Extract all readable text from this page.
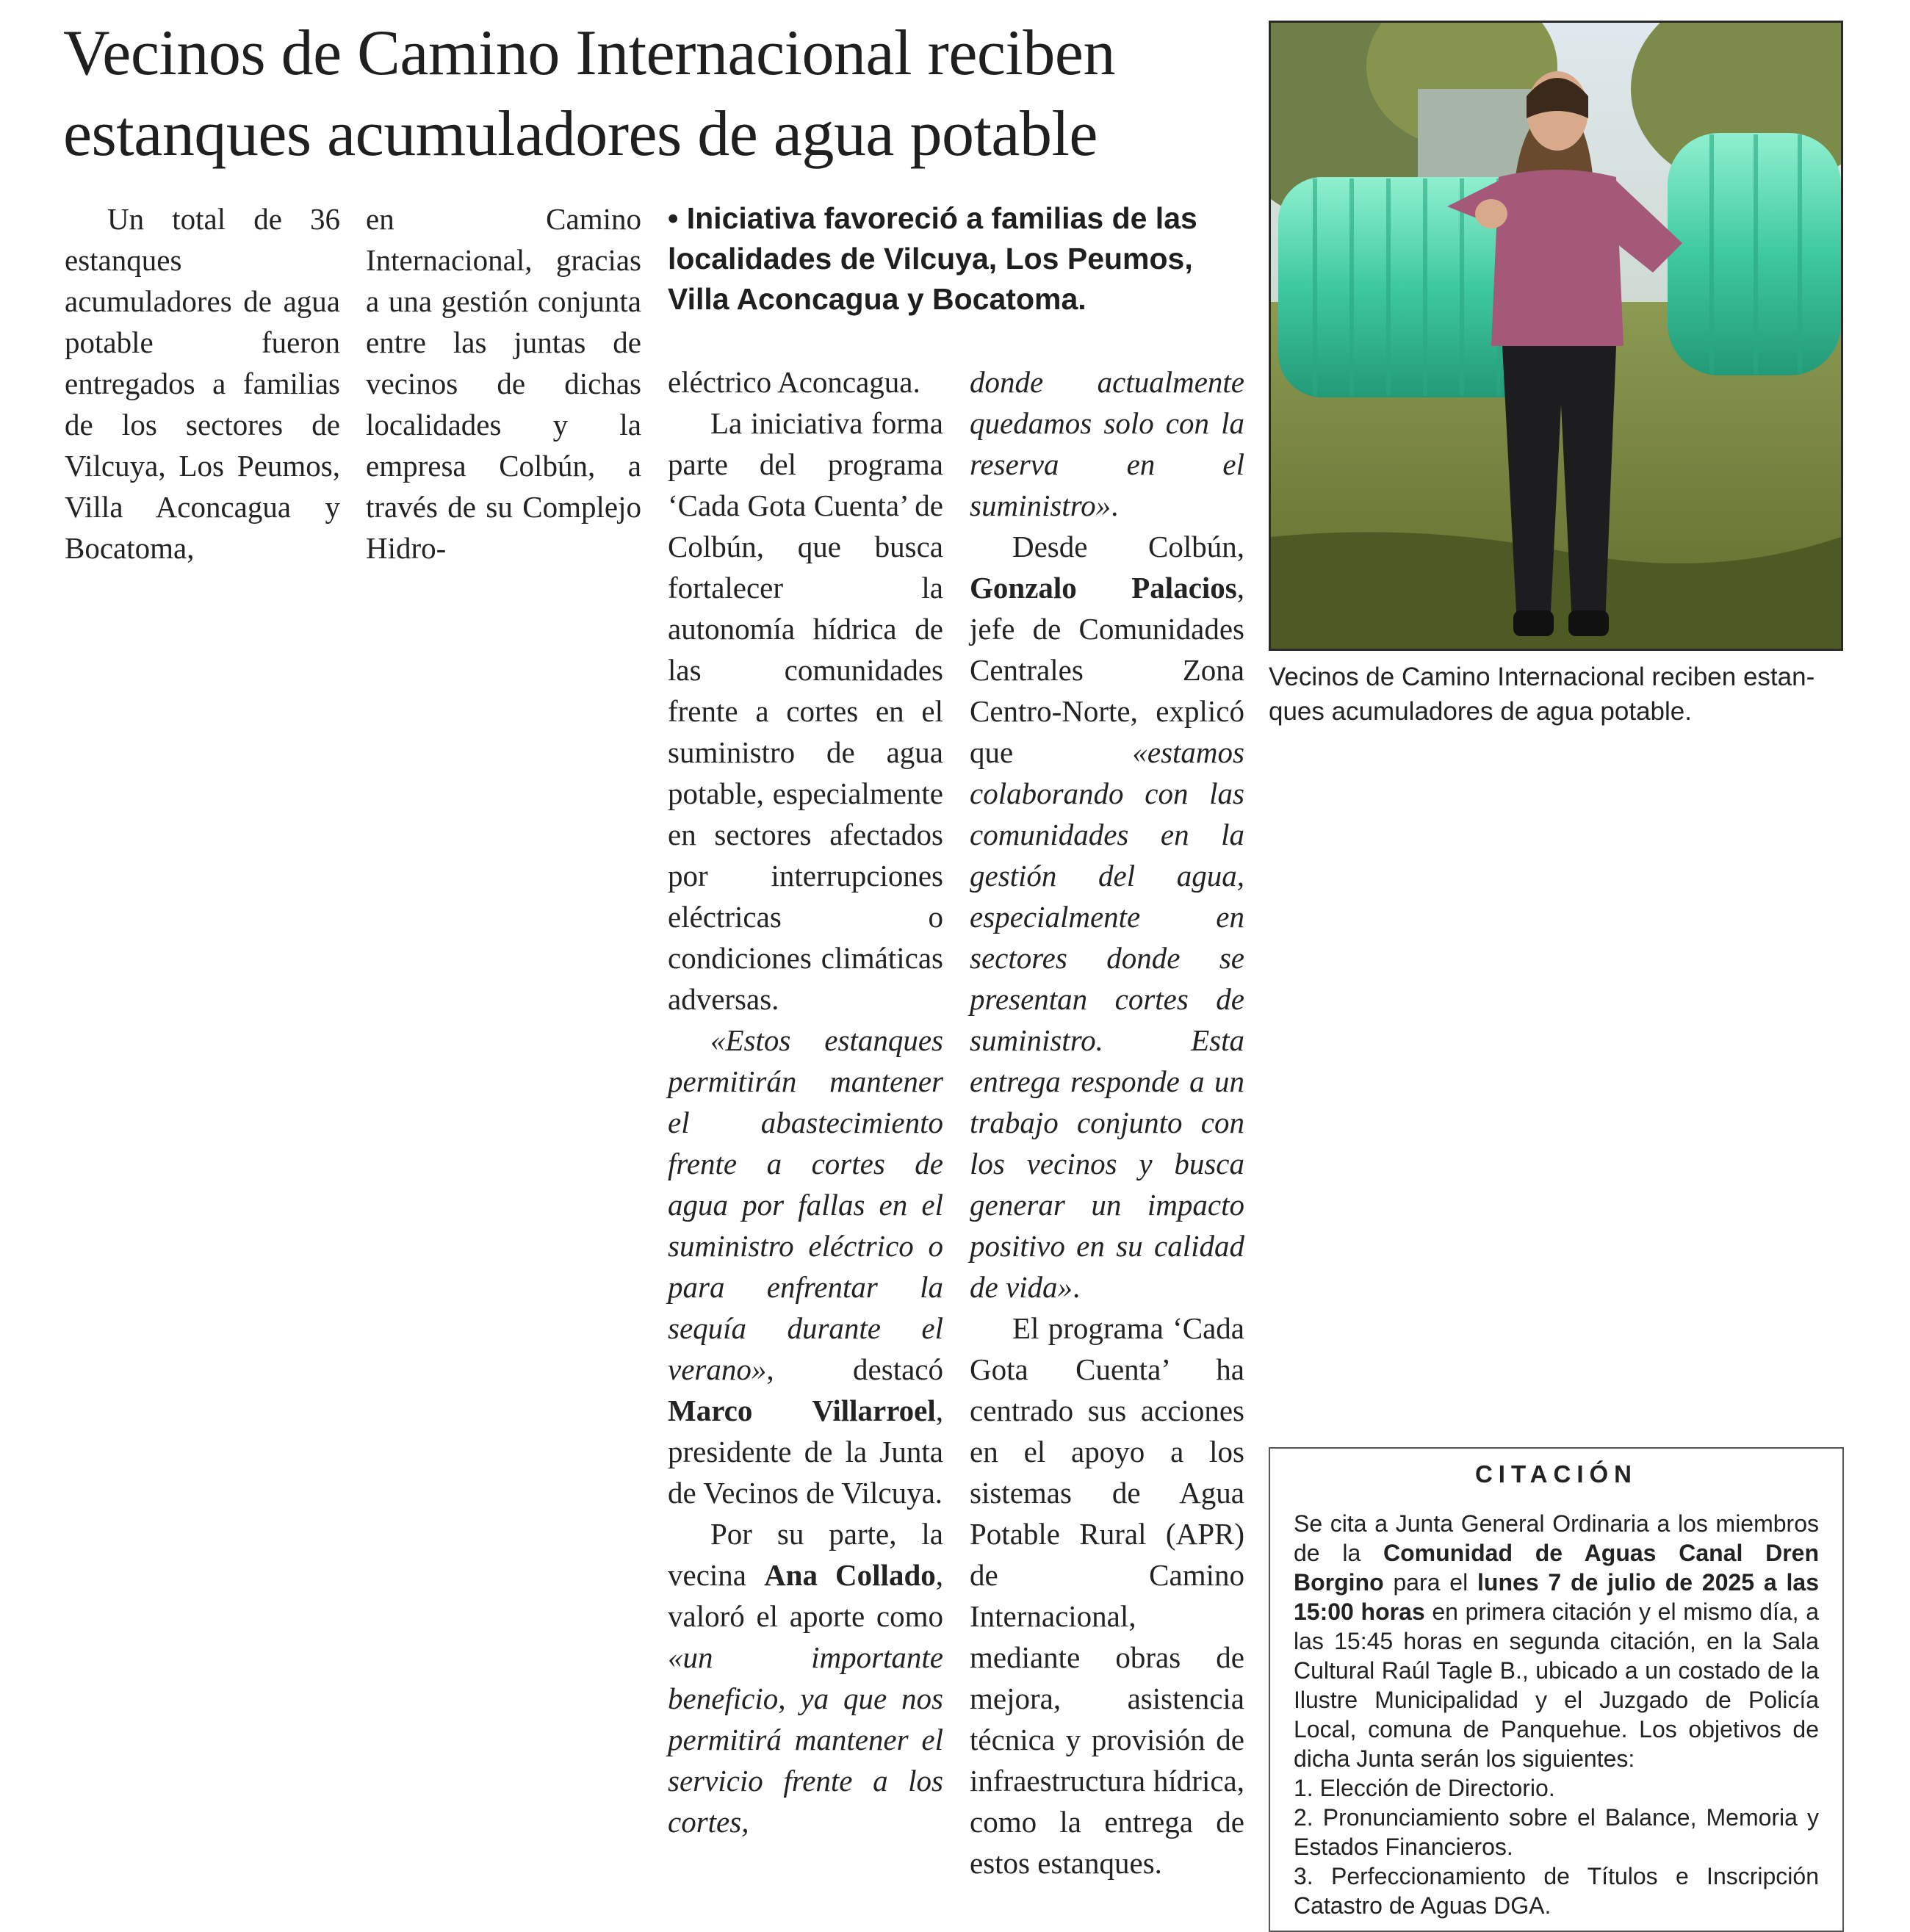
Vecinos de Camino Internacional reciben
estanques acumuladores de agua potable

Un total de 36 estanques acumuladores de agua potable fueron entregados a familias de los sectores de Vilcuya, Los Peumos, Villa Aconcagua y Bocatoma,

en Camino Internacional, gracias a una gestión conjunta entre las juntas de vecinos de dichas localidades y la empresa Colbún, a través de su Complejo Hidro-

• Iniciativa favoreció a familias de las localidades de Vilcuya, Los Peumos, Villa Aconcagua y Bocatoma.

eléctrico Aconcagua.

La iniciativa forma parte del programa ‘Cada Gota Cuenta’ de Colbún, que busca fortalecer la autonomía hídrica de las comunidades frente a cortes en el suministro de agua potable, especialmente en sectores afectados por interrupciones eléctricas o condiciones climáticas adversas.

«Estos estanques permitirán mantener el abastecimiento frente a cortes de agua por fallas en el suministro eléctrico o para enfrentar la sequía durante el verano», destacó Marco Villarroel, presidente de la Junta de Vecinos de Vilcuya.

Por su parte, la vecina Ana Collado, valoró el aporte como «un importante beneficio, ya que nos permitirá mantener el servicio frente a los cortes,

donde actualmente quedamos solo con la reserva en el suministro».

Desde Colbún, Gonzalo Palacios, jefe de Comunidades Centrales Zona Centro-Norte, explicó que «estamos colaborando con las comunidades en la gestión del agua, especialmente en sectores donde se presentan cortes de suministro. Esta entrega responde a un trabajo conjunto con los vecinos y busca generar un impacto positivo en su calidad de vida».

El programa ‘Cada Gota Cuenta’ ha centrado sus acciones en el apoyo a los sistemas de Agua Potable Rural (APR) de Camino Internacional, mediante obras de mejora, asistencia técnica y provisión de infraestructura hídrica, como la entrega de estos estanques.

Vecinos de Camino Internacional reciben estan-
ques acumuladores de agua potable.
CITACIÓN

Se cita a Junta General Ordinaria a los miembros de la Comunidad de Aguas Canal Dren Borgino para el lunes 7 de julio de 2025 a las 15:00 horas en primera citación y el mismo día, a las 15:45 horas en segunda citación, en la Sala Cultural Raúl Tagle B., ubicado a un costado de la Ilustre Municipalidad y el Juzgado de Policía Local, comuna de Panquehue. Los objetivos de dicha Junta serán los siguientes:

1. Elección de Directorio.

2. Pronunciamiento sobre el Balance, Memoria y Estados Financieros.

3. Perfeccionamiento de Títulos e Inscripción Catastro de Aguas DGA.
